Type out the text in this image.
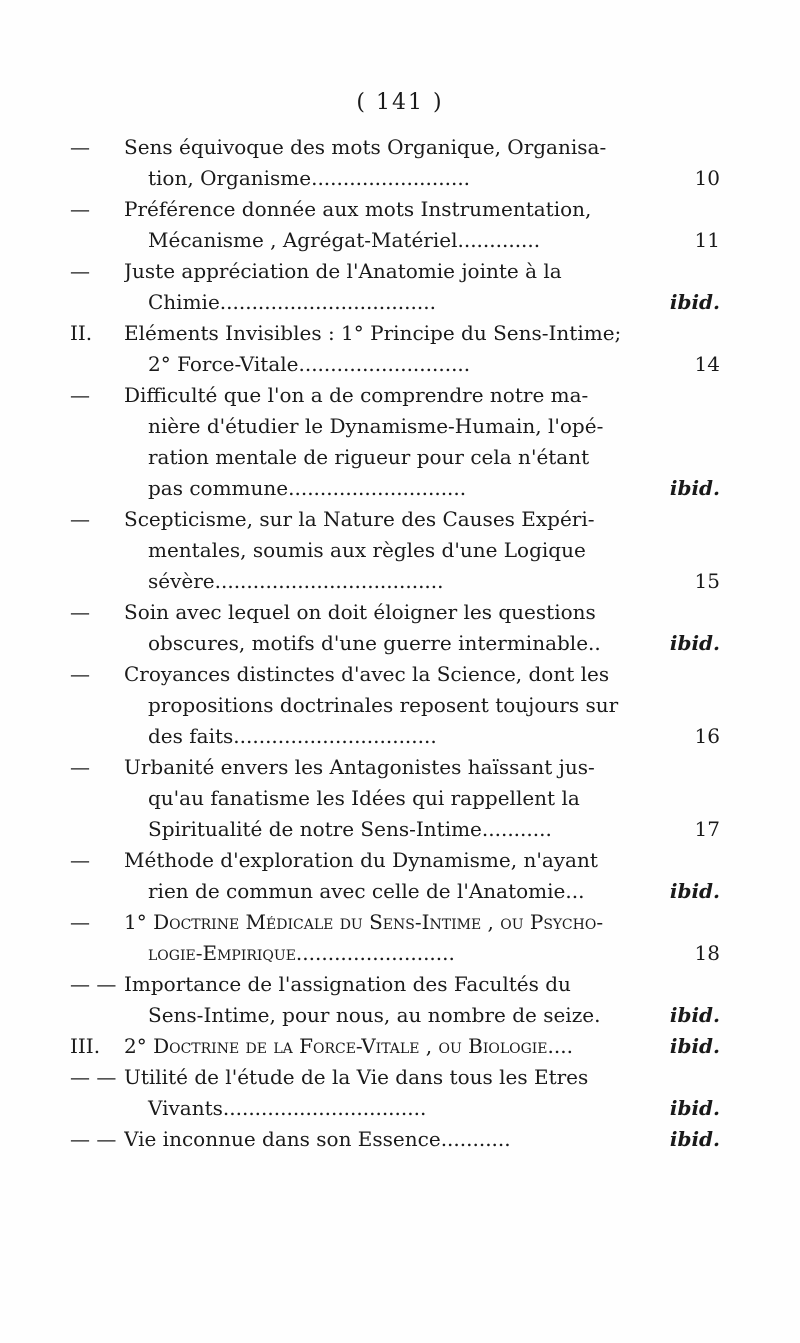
( 141 )
—	Sens équivoque des mots Organique, Organisa-
tion, Organisme.........................	10
—	Préférence donnée aux mots Instrumentation,
Mécanisme , Agrégat-Matériel.............	11
—	Juste appréciation de l'Anatomie jointe à la
Chimie..................................	ibid.
II.	Eléments Invisibles : 1° Principe du Sens-Intime;
2° Force-Vitale...........................	14
—	Difficulté que l'on a de comprendre notre ma-
nière d'étudier le Dynamisme-Humain, l'opé-
ration mentale de rigueur pour cela n'étant
pas commune............................	ibid.
—	Scepticisme, sur la Nature des Causes Expéri-
mentales, soumis aux règles d'une Logique
sévère....................................	15
—	Soin avec lequel on doit éloigner les questions
obscures, motifs d'une guerre interminable..	ibid.
—	Croyances distinctes d'avec la Science, dont les
propositions doctrinales reposent toujours sur
des faits................................	16
—	Urbanité envers les Antagonistes haïssant jus-
qu'au fanatisme les Idées qui rappellent la
Spiritualité de notre Sens-Intime...........	17
—	Méthode d'exploration du Dynamisme, n'ayant
rien de commun avec celle de l'Anatomie...	ibid.
—	1° Doctrine Médicale du Sens-Intime , ou Psycho-
logie-Empirique.........................	18
— — Importance de l'assignation des Facultés du
Sens-Intime, pour nous, au nombre de seize.	ibid.
III.	2° Doctrine de la Force-Vitale , ou Biologie....	ibid.
— — Utilité de l'étude de la Vie dans tous les Etres
Vivants................................	ibid.
— — Vie inconnue dans son Essence...........	ibid.
